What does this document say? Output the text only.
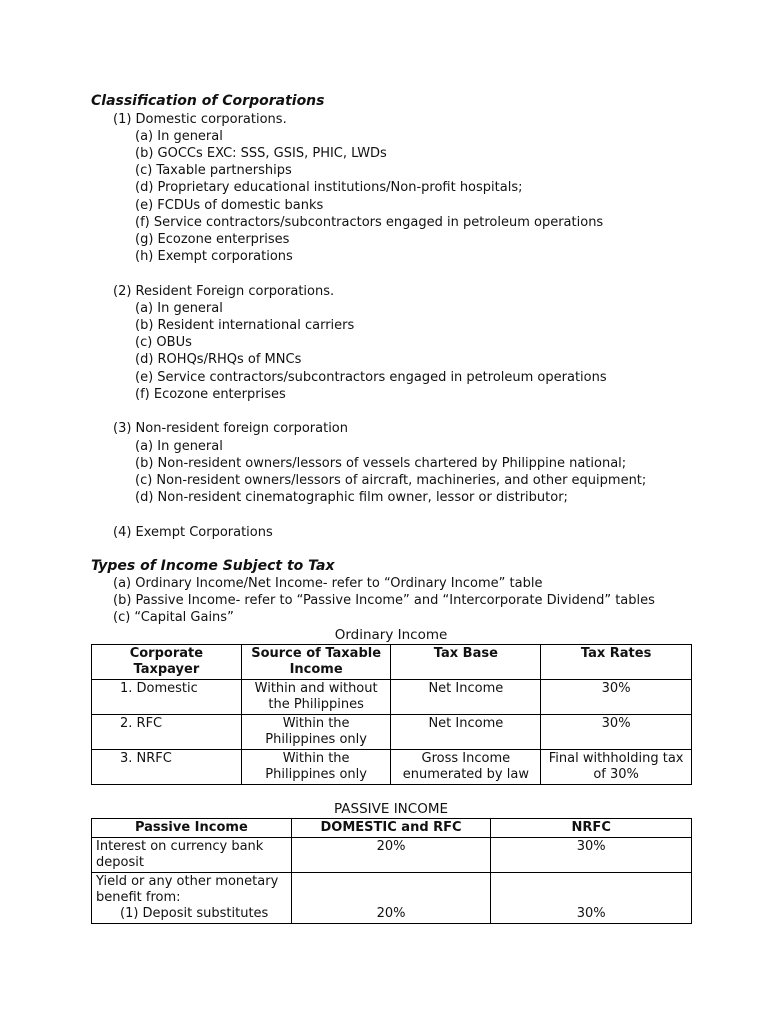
Classification of Corporations
(1) Domestic corporations.
(a) In general
(b) GOCCs EXC: SSS, GSIS, PHIC, LWDs
(c) Taxable partnerships
(d) Proprietary educational institutions/Non-profit hospitals;
(e) FCDUs of domestic banks
(f) Service contractors/subcontractors engaged in petroleum operations
(g) Ecozone enterprises
(h) Exempt corporations
(2) Resident Foreign corporations.
(a) In general
(b) Resident international carriers
(c) OBUs
(d) ROHQs/RHQs of MNCs
(e) Service contractors/subcontractors engaged in petroleum operations
(f) Ecozone enterprises
(3) Non-resident foreign corporation
(a) In general
(b) Non-resident owners/lessors of vessels chartered by Philippine national;
(c) Non-resident owners/lessors of aircraft, machineries, and other equipment;
(d) Non-resident cinematographic film owner, lessor or distributor;
(4) Exempt Corporations
Types of Income Subject to Tax
(a) Ordinary Income/Net Income- refer to “Ordinary Income” table
(b) Passive Income- refer to “Passive Income” and “Intercorporate Dividend” tables
(c) “Capital Gains”
Ordinary Income
Corporate Taxpayer	Source of Taxable Income	Tax Base	Tax Rates
1. Domestic	Within and without the Philippines	Net Income	30%
2. RFC	Within the Philippines only	Net Income	30%
3. NRFC	Within the Philippines only	Gross Income enumerated by law	Final withholding tax of 30%
PASSIVE INCOME
Passive Income	DOMESTIC and RFC	NRFC
Interest on currency bank deposit	20%	30%

Yield or any other monetary benefit from:
(1) Deposit substitutes	20%	30%
